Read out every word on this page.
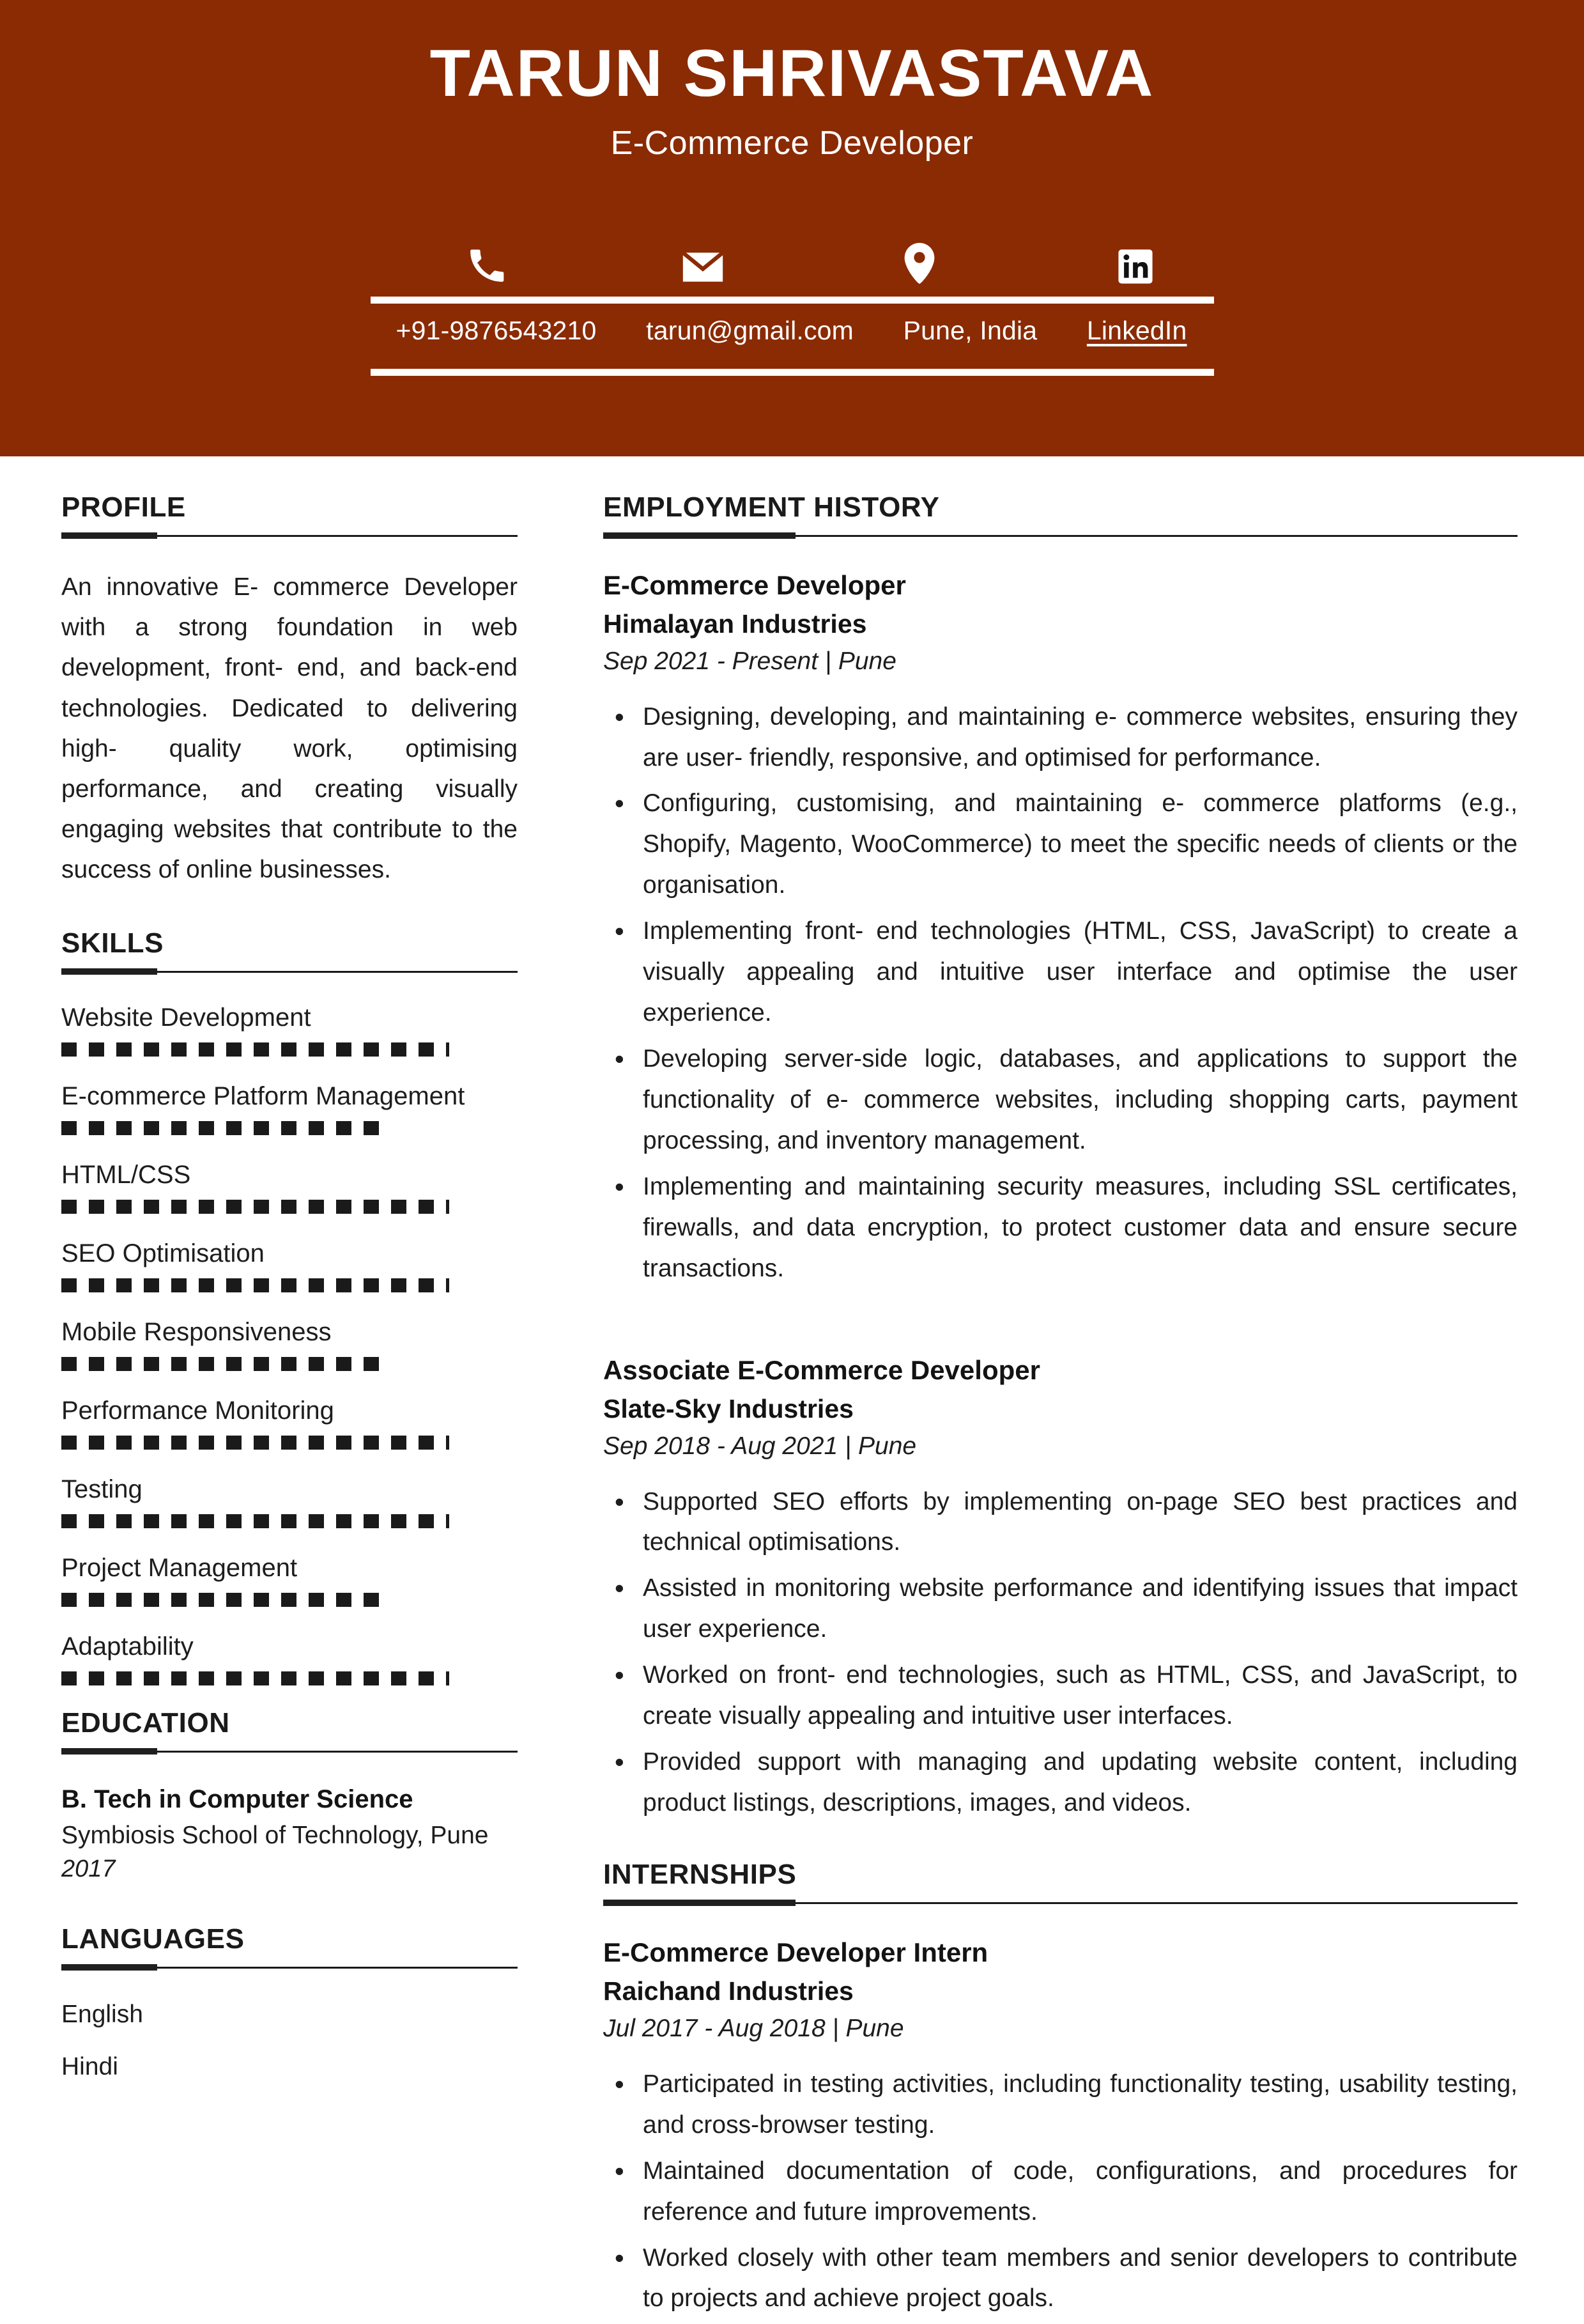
TARUN SHRIVASTAVA
E-Commerce Developer
+91-9876543210 tarun@gmail.com Pune, India LinkedIn
PROFILE
An innovative E- commerce Developer with a strong foundation in web development, front- end, and back-end technologies. Dedicated to delivering high- quality work, optimising performance, and creating visually engaging websites that contribute to the success of online businesses.
SKILLS
Website Development
E-commerce Platform Management
HTML/CSS
SEO Optimisation
Mobile Responsiveness
Performance Monitoring
Testing
Project Management
Adaptability
EDUCATION
B. Tech in Computer Science
Symbiosis School of Technology, Pune
2017
LANGUAGES
English
Hindi
EMPLOYMENT HISTORY
E-Commerce Developer
Himalayan Industries
Sep 2021 - Present | Pune
• Designing, developing, and maintaining e- commerce websites, ensuring they are user- friendly, responsive, and optimised for performance.
• Configuring, customising, and maintaining e- commerce platforms (e.g., Shopify, Magento, WooCommerce) to meet the specific needs of clients or the organisation.
• Implementing front- end technologies (HTML, CSS, JavaScript) to create a visually appealing and intuitive user interface and optimise the user experience.
• Developing server-side logic, databases, and applications to support the functionality of e- commerce websites, including shopping carts, payment processing, and inventory management.
• Implementing and maintaining security measures, including SSL certificates, firewalls, and data encryption, to protect customer data and ensure secure transactions.
Associate E-Commerce Developer
Slate-Sky Industries
Sep 2018 - Aug 2021 | Pune
• Supported SEO efforts by implementing on-page SEO best practices and technical optimisations.
• Assisted in monitoring website performance and identifying issues that impact user experience.
• Worked on front- end technologies, such as HTML, CSS, and JavaScript, to create visually appealing and intuitive user interfaces.
• Provided support with managing and updating website content, including product listings, descriptions, images, and videos.
INTERNSHIPS
E-Commerce Developer Intern
Raichand Industries
Jul 2017 - Aug 2018 | Pune
• Participated in testing activities, including functionality testing, usability testing, and cross-browser testing.
• Maintained documentation of code, configurations, and procedures for reference and future improvements.
• Worked closely with other team members and senior developers to contribute to projects and achieve project goals.
